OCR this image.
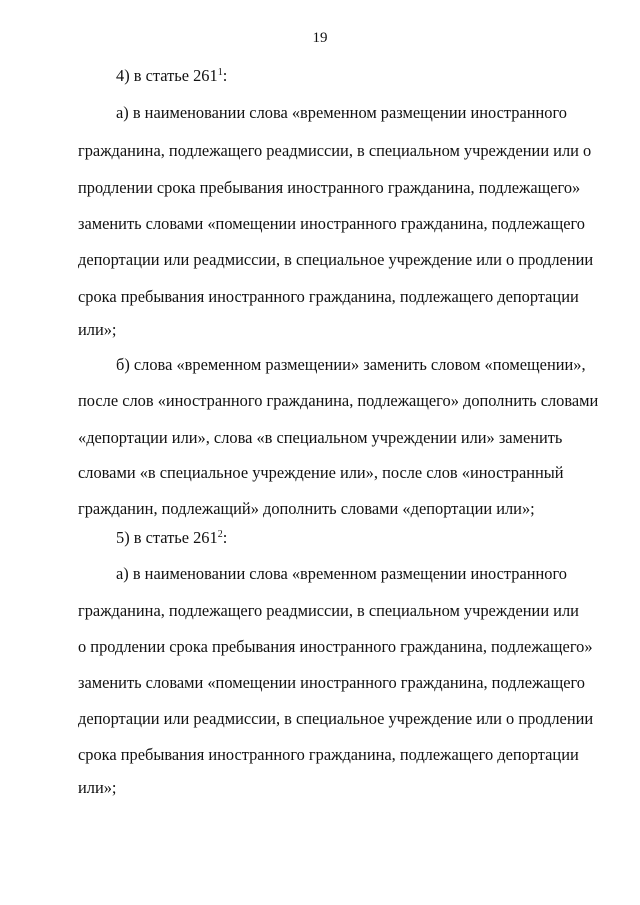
19
4) в статье $261^1$:
а) в наименовании слова «временном размещении иностранного
гражданина, подлежащего реадмиссии, в специальном учреждении или о
продлении срока пребывания иностранного гражданина, подлежащего»
заменить словами «помещении иностранного гражданина, подлежащего
депортации или реадмиссии, в специальное учреждение или о продлении
срока пребывания иностранного гражданина, подлежащего депортации
или»;
б) слова «временном размещении» заменить словом «помещении»,
после слов «иностранного гражданина, подлежащего» дополнить словами
«депортации или», слова «в специальном учреждении или» заменить
словами «в специальное учреждение или», после слов «иностранный
гражданин, подлежащий» дополнить словами «депортации или»;
5) в статье $261^2$:
а) в наименовании слова «временном размещении иностранного
гражданина, подлежащего реадмиссии, в специальном учреждении или
о продлении срока пребывания иностранного гражданина, подлежащего»
заменить словами «помещении иностранного гражданина, подлежащего
депортации или реадмиссии, в специальное учреждение или о продлении
срока пребывания иностранного гражданина, подлежащего депортации
или»;
